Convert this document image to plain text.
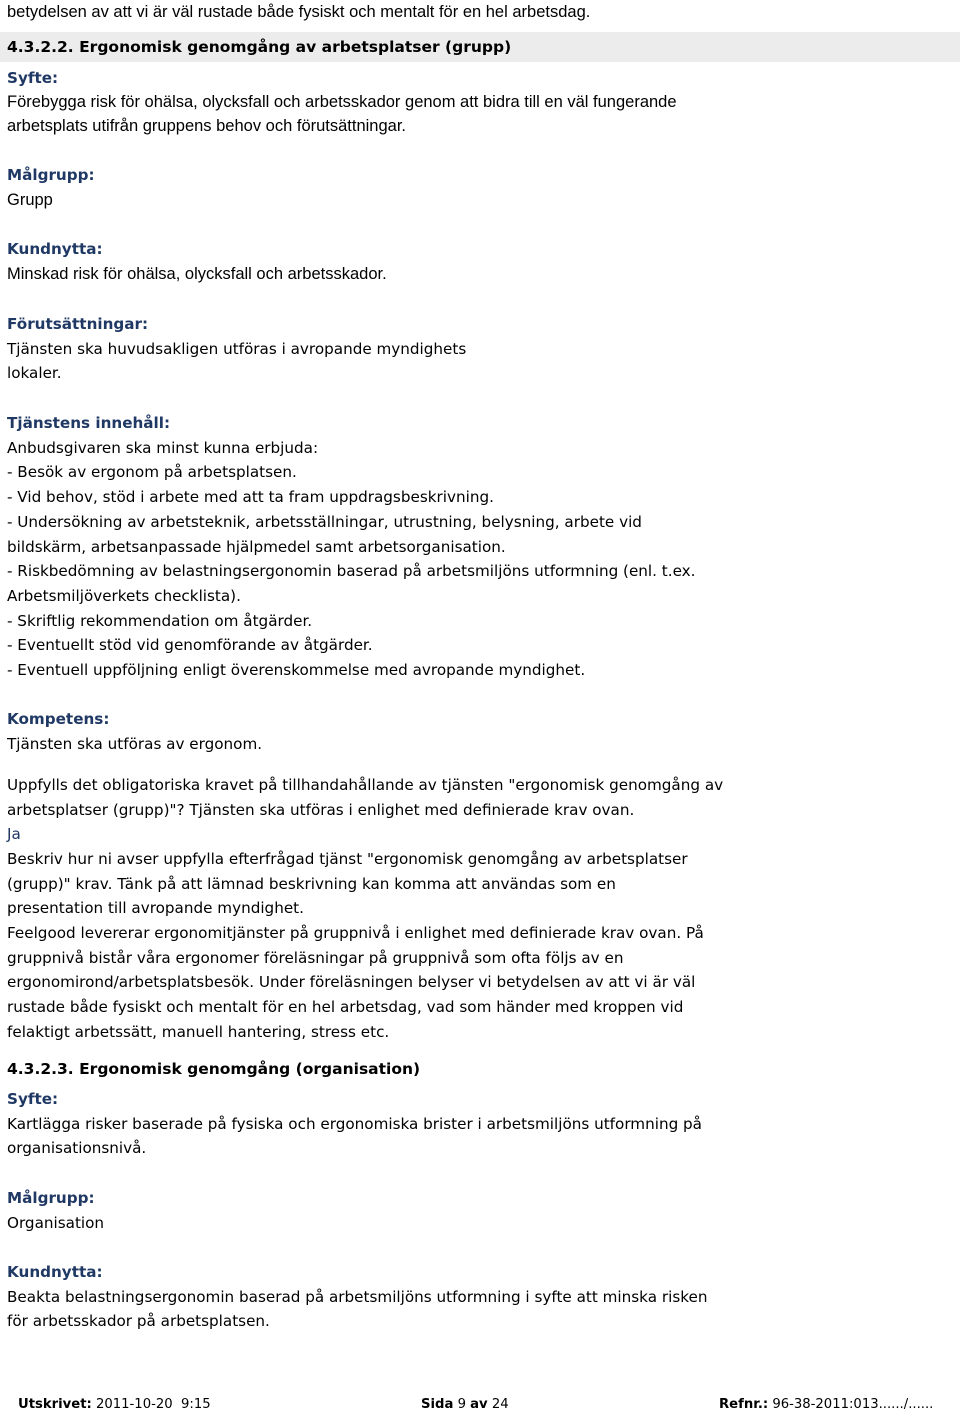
betydelsen av att vi är väl rustade både fysiskt och mentalt för en hel arbetsdag.
4.3.2.2. Ergonomisk genomgång av arbetsplatser (grupp)
Syfte:
Förebygga risk för ohälsa, olycksfall och arbetsskador genom att bidra till en väl fungerande
arbetsplats utifrån gruppens behov och förutsättningar.
Målgrupp:
Grupp
Kundnytta:
Minskad risk för ohälsa, olycksfall och arbetsskador.
Förutsättningar:
Tjänsten ska huvudsakligen utföras i avropande myndighets
lokaler.
Tjänstens innehåll:
Anbudsgivaren ska minst kunna erbjuda:
- Besök av ergonom på arbetsplatsen.
- Vid behov, stöd i arbete med att ta fram uppdragsbeskrivning.
- Undersökning av arbetsteknik, arbetsställningar, utrustning, belysning, arbete vid
bildskärm, arbetsanpassade hjälpmedel samt arbetsorganisation.
- Riskbedömning av belastningsergonomin baserad på arbetsmiljöns utformning (enl. t.ex.
Arbetsmiljöverkets checklista).
- Skriftlig rekommendation om åtgärder.
- Eventuellt stöd vid genomförande av åtgärder.
- Eventuell uppföljning enligt överenskommelse med avropande myndighet.
Kompetens:
Tjänsten ska utföras av ergonom.
Uppfylls det obligatoriska kravet på tillhandahållande av tjänsten "ergonomisk genomgång av
arbetsplatser (grupp)"? Tjänsten ska utföras i enlighet med definierade krav ovan.
Ja
Beskriv hur ni avser uppfylla efterfrågad tjänst "ergonomisk genomgång av arbetsplatser
(grupp)" krav. Tänk på att lämnad beskrivning kan komma att användas som en
presentation till avropande myndighet.
Feelgood levererar ergonomitjänster på gruppnivå i enlighet med definierade krav ovan. På
gruppnivå bistår våra ergonomer föreläsningar på gruppnivå som ofta följs av en
ergonomirond/arbetsplatsbesök. Under föreläsningen belyser vi betydelsen av att vi är väl
rustade både fysiskt och mentalt för en hel arbetsdag, vad som händer med kroppen vid
felaktigt arbetssätt, manuell hantering, stress etc.
4.3.2.3. Ergonomisk genomgång (organisation)
Syfte:
Kartlägga risker baserade på fysiska och ergonomiska brister i arbetsmiljöns utformning på
organisationsnivå.
Målgrupp:
Organisation
Kundnytta:
Beakta belastningsergonomin baserad på arbetsmiljöns utformning i syfte att minska risken
för arbetsskador på arbetsplatsen.
Utskrivet: 2011-10-20  9:15	Sida 9 av 24	Refnr.: 96-38-2011:013....../......
